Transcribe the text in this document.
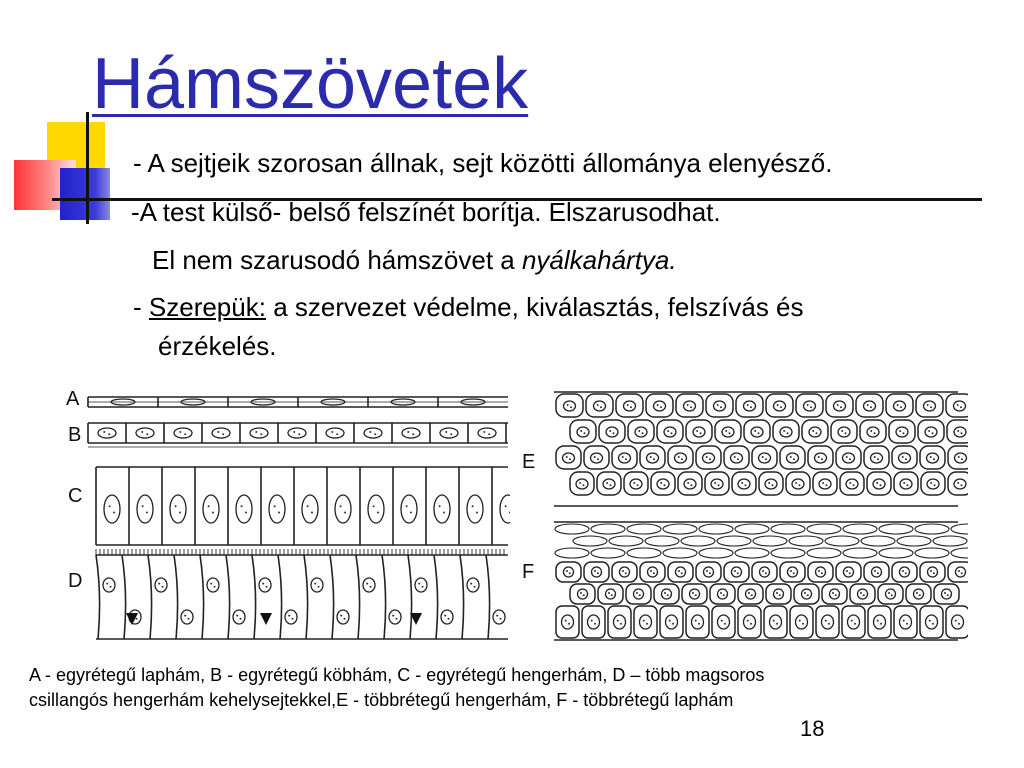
Hámszövetek
- A sejtjeik szorosan állnak, sejt közötti állománya elenyésző.
-A test külső- belső felszínét borítja. Elszarusodhat.
El nem szarusodó hámszövet a nyálkahártya.
- Szerepük: a szervezet védelme, kiválasztás, felszívás és
érzékelés.
A
B
C
D
E
F

A - egyrétegű laphám, B - egyrétegű köbhám, C - egyrétegű hengerhám, D – több magsoros
csillangós hengerhám kehelysejtekkel,E - többrétegű hengerhám, F - többrétegű laphám

18
